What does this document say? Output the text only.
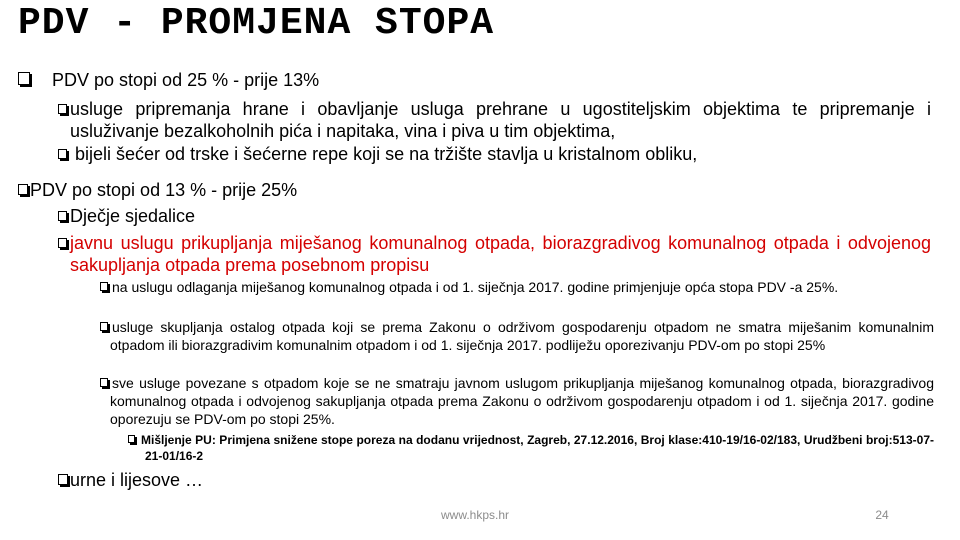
PDV - PROMJENA STOPA
PDV po stopi od 25 % - prije 13%
usluge pripremanja hrane i obavljanje usluga prehrane u ugostiteljskim objektima te pripremanje i usluživanje bezalkoholnih pića i napitaka, vina i piva u tim objektima,
bijeli šećer od trske i šećerne repe koji se na tržište stavlja u kristalnom obliku,
PDV po stopi od 13 % - prije 25%
Dječje sjedalice
javnu uslugu prikupljanja miješanog komunalnog otpada, biorazgradivog komunalnog otpada i odvojenog sakupljanja otpada prema posebnom propisu
na uslugu odlaganja miješanog komunalnog otpada i od 1. siječnja 2017. godine primjenjuje opća stopa PDV -a 25%.
usluge skupljanja ostalog otpada koji se prema Zakonu o održivom gospodarenju otpadom ne smatra miješanim komunalnim otpadom ili biorazgradivim komunalnim otpadom i od 1. siječnja 2017. podliježu oporezivanju PDV-om po stopi 25%
sve usluge povezane s otpadom koje se ne smatraju javnom uslugom prikupljanja miješanog komunalnog otpada, biorazgradivog komunalnog otpada i odvojenog sakupljanja otpada prema Zakonu o održivom gospodarenju otpadom i od 1. siječnja 2017. godine oporezuju se PDV-om po stopi 25%.
Mišljenje PU: Primjena snižene stope poreza na dodanu vrijednost, Zagreb, 27.12.2016, Broj klase:410-19/16-02/183, Urudžbeni broj:513-07-21-01/16-2
urne i lijesove …
www.hkps.hr	24
